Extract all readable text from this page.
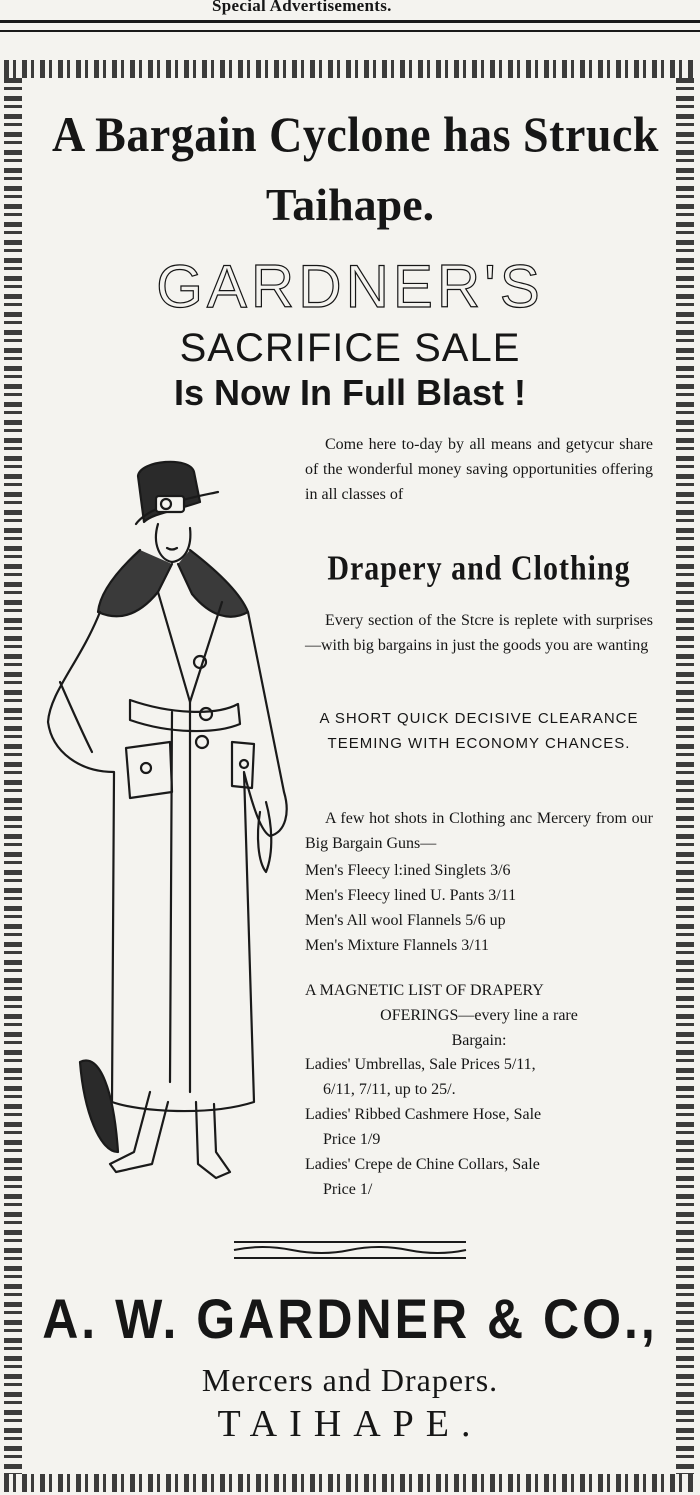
Special Advertisements.
A Bargain Cyclone has Struck
Taihape.
GARDNER'S
SACRIFICE SALE
Is Now In Full Blast !
Come here to-day by all means and getycur share of the wonderful money saving opportunities offering in all classes of
Drapery and Clothing
Every section of the Stcre is replete with surprises—with big bargains in just the goods you are wanting
A SHORT QUICK DECISIVE CLEARANCE TEEMING WITH ECONOMY CHANCES.
A few hot shots in Clothing anc Mercery from our Big Bargain Guns—
Men's Fleecy l:ined Singlets 3/6
Men's Fleecy lined U. Pants 3/11
Men's All wool Flannels 5/6 up
Men's Mixture Flannels 3/11
A MAGNETIC LIST OF DRAPERY
OFERINGS—every line a rare
Bargain:
Ladies' Umbrellas, Sale Prices 5/11,
6/11, 7/11, up to 25/.
Ladies' Ribbed Cashmere Hose, Sale
Price 1/9
Ladies' Crepe de Chine Collars, Sale
Price 1/
A. W. GARDNER & CO.,
Mercers and Drapers.
TAIHAPE.
